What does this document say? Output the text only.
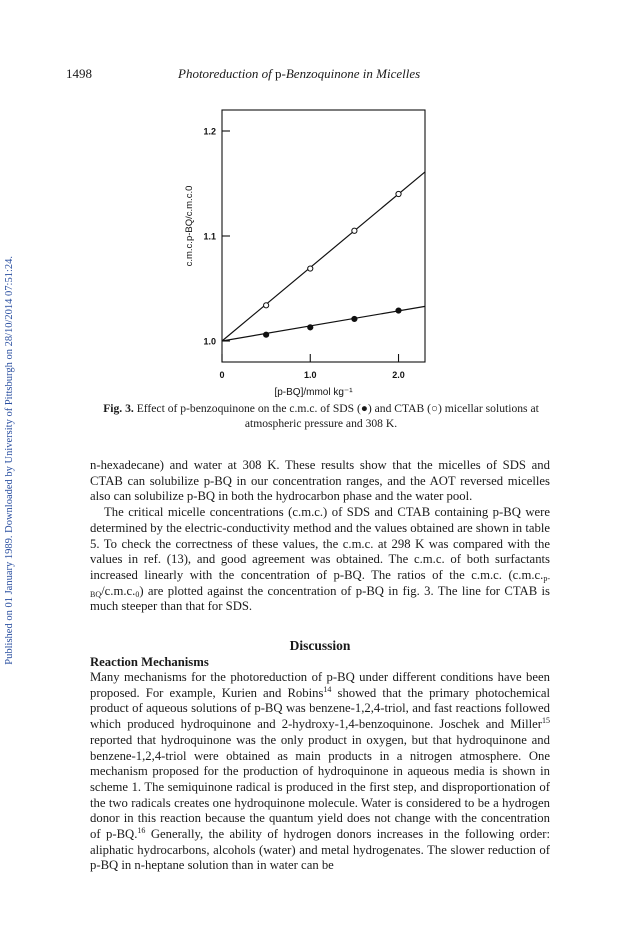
Published on 01 January 1989. Downloaded by University of Pittsburgh on 28/10/2014 07:51:24.
1498	Photoreduction of p-Benzoquinone in Micelles
0	1.0	2.0
1.0
1.1
1.2
[p-BQ]/mmol kg⁻¹
c.m.c.p-BQ/c.m.c.0
Fig. 3. Effect of p-benzoquinone on the c.m.c. of SDS (●) and CTAB (○) micellar solutions at atmospheric pressure and 308 K.

n-hexadecane) and water at 308 K. These results show that the micelles of SDS and CTAB can solubilize p-BQ in our concentration ranges, and the AOT reversed micelles also can solubilize p-BQ in both the hydrocarbon phase and the water pool.

The critical micelle concentrations (c.m.c.) of SDS and CTAB containing p-BQ were determined by the electric-conductivity method and the values obtained are shown in table 5. To check the correctness of these values, the c.m.c. at 298 K was compared with the values in ref. (13), and good agreement was obtained. The c.m.c. of both surfactants increased linearly with the concentration of p-BQ. The ratios of the c.m.c. $(c.m.c._{p-BQ}/c.m.c._0)$ are plotted against the concentration of p-BQ in fig. 3. The line for CTAB is much steeper than that for SDS.

Discussion
Reaction Mechanisms

Many mechanisms for the photoreduction of p-BQ under different conditions have been proposed. For example, Kurien and Robins$^{14}$ showed that the primary photochemical product of aqueous solutions of p-BQ was benzene-1,2,4-triol, and fast reactions followed which produced hydroquinone and 2-hydroxy-1,4-benzoquinone. Joschek and Miller$^{15}$ reported that hydroquinone was the only product in oxygen, but that hydroquinone and benzene-1,2,4-triol were obtained as main products in a nitrogen atmosphere. One mechanism proposed for the production of hydroquinone in aqueous media is shown in scheme 1. The semiquinone radical is produced in the first step, and disproportionation of the two radicals creates one hydroquinone molecule. Water is considered to be a hydrogen donor in this reaction because the quantum yield does not change with the concentration of p-BQ.$^{16}$ Generally, the ability of hydrogen donors increases in the following order: aliphatic hydrocarbons, alcohols (water) and metal hydrogenates. The slower reduction of p-BQ in n-heptane solution than in water can be
